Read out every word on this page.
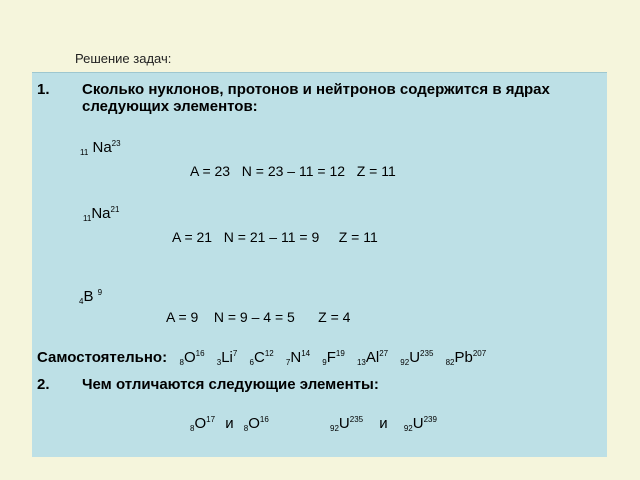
Решение задач:
1. Сколько нуклонов, протонов и нейтронов содержится в ядрах
следующих элементов:
$_{11}$ Na$^{23}$
A = 23   N = 23 – 11 = 12   Z = 11
$_{11}Na^{21}$
A = 21   N = 21 – 11 = 9     Z = 11
$_4$B $^9$
A = 9    N = 9 – 4 = 5      Z = 4
Самостоятельно: $_8O^{16}$ $_3Li^7$ $_6C^{12}$ $_7N^{14}$ $_9F^{19}$ $_{13}Al^{27}$ $_{92}U^{235}$ $_{82}Pb^{207}$
2. Чем отличаются следующие элементы:
$_8O^{17}$ и $_8O^{16}$
$_{92}U^{235}$ и $_{92}U^{239}$
